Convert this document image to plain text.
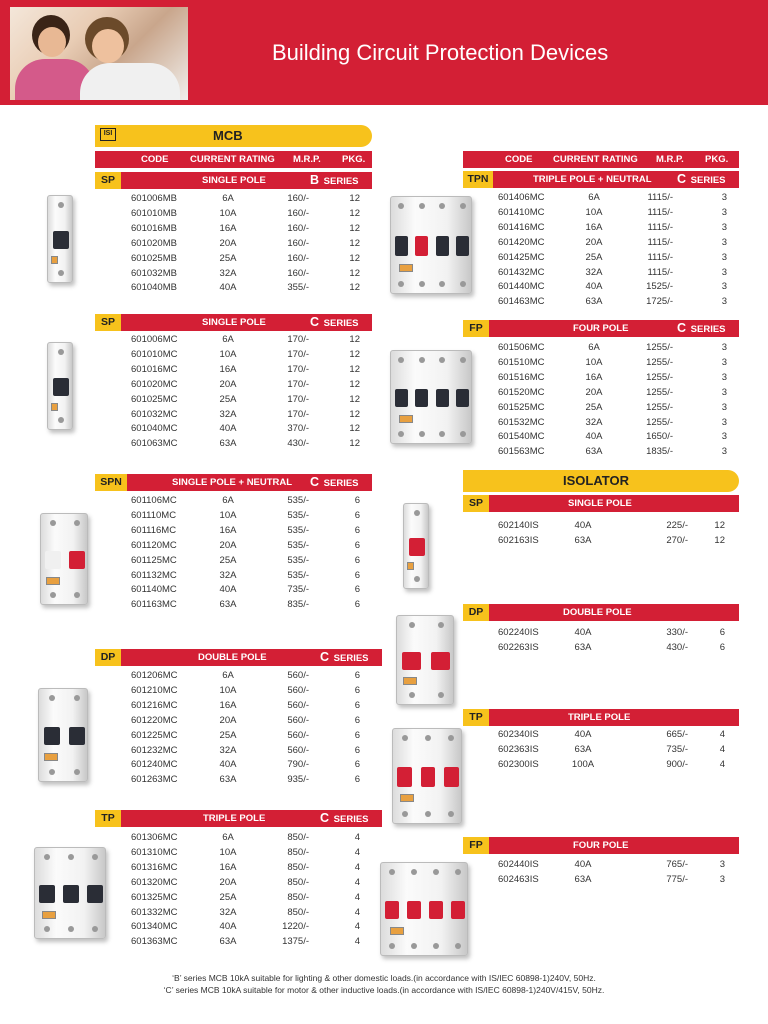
Building Circuit Protection Devices
MCB
ISI
CODE CURRENT RATING M.R.P. PKG.	CODE CURRENT RATING M.R.P. PKG.
ISOLATOR
SP	SINGLE POLE	B SERIES
601006MB	6A	160/-	12
601010MB	10A	160/-	12
601016MB	16A	160/-	12
601020MB	20A	160/-	12
601025MB	25A	160/-	12
601032MB	32A	160/-	12
601040MB	40A	355/-	12
SP	SINGLE POLE	C SERIES
601006MC	6A	170/-	12
601010MC	10A	170/-	12
601016MC	16A	170/-	12
601020MC	20A	170/-	12
601025MC	25A	170/-	12
601032MC	32A	170/-	12
601040MC	40A	370/-	12
601063MC	63A	430/-	12
SPN	SINGLE POLE + NEUTRAL C SERIES
601106MC	6A	535/-	6
601110MC	10A	535/-	6
601116MC	16A	535/-	6
601120MC	20A	535/-	6
601125MC	25A	535/-	6
601132MC	32A	535/-	6
601140MC	40A	735/-	6
601163MC	63A	835/-	6
DP	DOUBLE POLE	C SERIES
601206MC	6A	560/-	6
601210MC	10A	560/-	6
601216MC	16A	560/-	6
601220MC	20A	560/-	6
601225MC	25A	560/-	6
601232MC	32A	560/-	6
601240MC	40A	790/-	6
601263MC	63A	935/-	6
TP	TRIPLE POLE	C SERIES
601306MC	6A	850/-	4
601310MC	10A	850/-	4
601316MC	16A	850/-	4
601320MC	20A	850/-	4
601325MC	25A	850/-	4
601332MC	32A	850/-	4
601340MC	40A	1220/-	4
601363MC	63A	1375/-	4
TPN	TRIPLE POLE + NEUTRAL C SERIES
601406MC	6A	1115/-	3
601410MC	10A	1115/-	3
601416MC	16A	1115/-	3
601420MC	20A	1115/-	3
601425MC	25A	1115/-	3
601432MC	32A	1115/-	3
601440MC	40A	1525/-	3
601463MC	63A	1725/-	3
FP	FOUR POLE	C SERIES
601506MC	6A	1255/-	3
601510MC	10A	1255/-	3
601516MC	16A	1255/-	3
601520MC	20A	1255/-	3
601525MC	25A	1255/-	3
601532MC	32A	1255/-	3
601540MC	40A	1650/-	3
601563MC	63A	1835/-	3
SP	SINGLE POLE
602140IS	40A	225/-	12
602163IS	63A	270/-	12
DP	DOUBLE POLE
602240IS	40A	330/-	6
602263IS	63A	430/-	6
TP	TRIPLE POLE
602340IS	40A	665/-	4
602363IS	63A	735/-	4
602300IS	100A	900/-	4
FP	FOUR POLE
602440IS	40A	765/-	3
602463IS	63A	775/-	3
‘B’ series MCB 10kA suitable for lighting & other domestic loads.(in accordance with IS/IEC 60898-1)240V, 50Hz.
‘C’ series MCB 10kA suitable for motor & other inductive loads.(in accordance with IS/IEC 60898-1)240V/415V, 50Hz.
